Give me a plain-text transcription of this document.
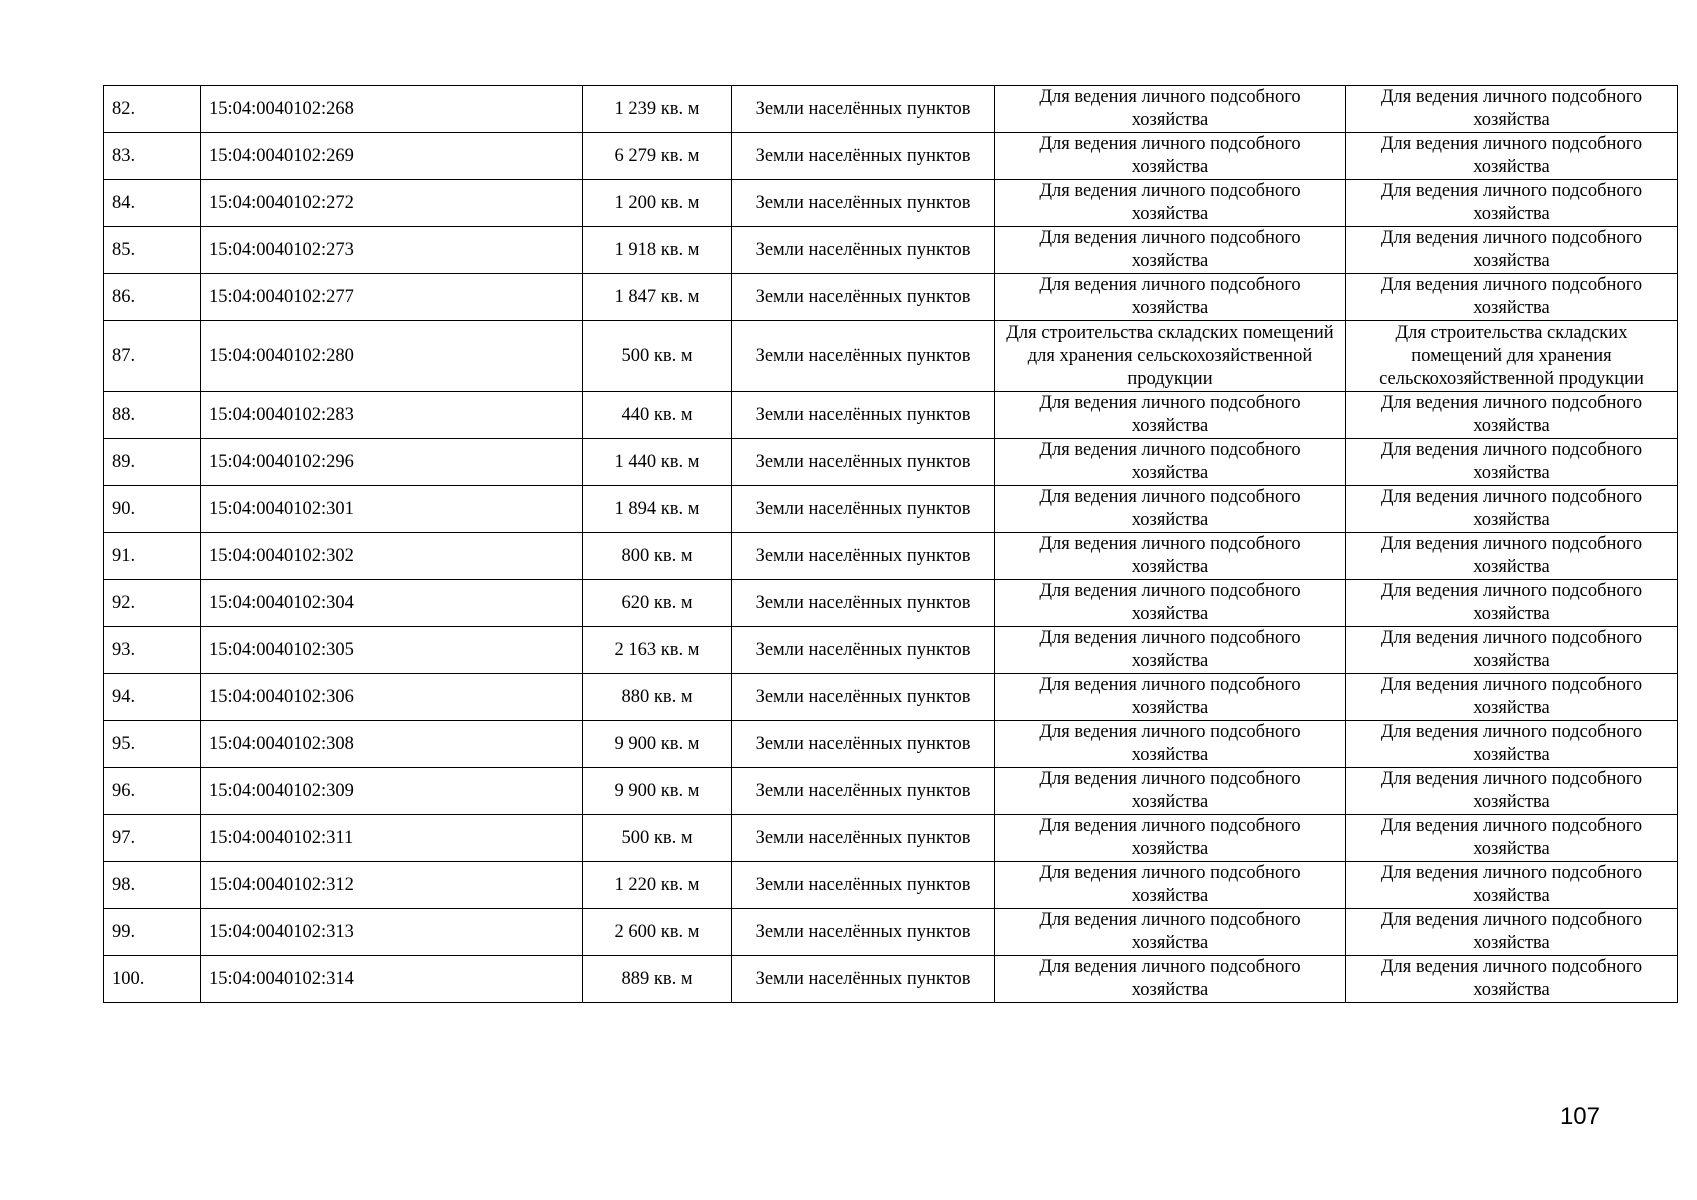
82.	15:04:0040102:268	1 239 кв. м	Земли населённых пунктов	Для ведения личного подсобного хозяйства	Для ведения личного подсобного хозяйства
83.	15:04:0040102:269	6 279 кв. м	Земли населённых пунктов	Для ведения личного подсобного хозяйства	Для ведения личного подсобного хозяйства
84.	15:04:0040102:272	1 200 кв. м	Земли населённых пунктов	Для ведения личного подсобного хозяйства	Для ведения личного подсобного хозяйства
85.	15:04:0040102:273	1 918 кв. м	Земли населённых пунктов	Для ведения личного подсобного хозяйства	Для ведения личного подсобного хозяйства
86.	15:04:0040102:277	1 847 кв. м	Земли населённых пунктов	Для ведения личного подсобного хозяйства	Для ведения личного подсобного хозяйства
87.	15:04:0040102:280	500 кв. м	Земли населённых пунктов	Для строительства складских помещений для хранения сельскохозяйственной продукции	Для строительства складских помещений для хранения сельскохозяйственной продукции
88.	15:04:0040102:283	440 кв. м	Земли населённых пунктов	Для ведения личного подсобного хозяйства	Для ведения личного подсобного хозяйства
89.	15:04:0040102:296	1 440 кв. м	Земли населённых пунктов	Для ведения личного подсобного хозяйства	Для ведения личного подсобного хозяйства
90.	15:04:0040102:301	1 894 кв. м	Земли населённых пунктов	Для ведения личного подсобного хозяйства	Для ведения личного подсобного хозяйства
91.	15:04:0040102:302	800 кв. м	Земли населённых пунктов	Для ведения личного подсобного хозяйства	Для ведения личного подсобного хозяйства
92.	15:04:0040102:304	620 кв. м	Земли населённых пунктов	Для ведения личного подсобного хозяйства	Для ведения личного подсобного хозяйства
93.	15:04:0040102:305	2 163 кв. м	Земли населённых пунктов	Для ведения личного подсобного хозяйства	Для ведения личного подсобного хозяйства
94.	15:04:0040102:306	880 кв. м	Земли населённых пунктов	Для ведения личного подсобного хозяйства	Для ведения личного подсобного хозяйства
95.	15:04:0040102:308	9 900 кв. м	Земли населённых пунктов	Для ведения личного подсобного хозяйства	Для ведения личного подсобного хозяйства
96.	15:04:0040102:309	9 900 кв. м	Земли населённых пунктов	Для ведения личного подсобного хозяйства	Для ведения личного подсобного хозяйства
97.	15:04:0040102:311	500 кв. м	Земли населённых пунктов	Для ведения личного подсобного хозяйства	Для ведения личного подсобного хозяйства
98.	15:04:0040102:312	1 220 кв. м	Земли населённых пунктов	Для ведения личного подсобного хозяйства	Для ведения личного подсобного хозяйства
99.	15:04:0040102:313	2 600 кв. м	Земли населённых пунктов	Для ведения личного подсобного хозяйства	Для ведения личного подсобного хозяйства
100.	15:04:0040102:314	889 кв. м	Земли населённых пунктов	Для ведения личного подсобного хозяйства	Для ведения личного подсобного хозяйства
107
